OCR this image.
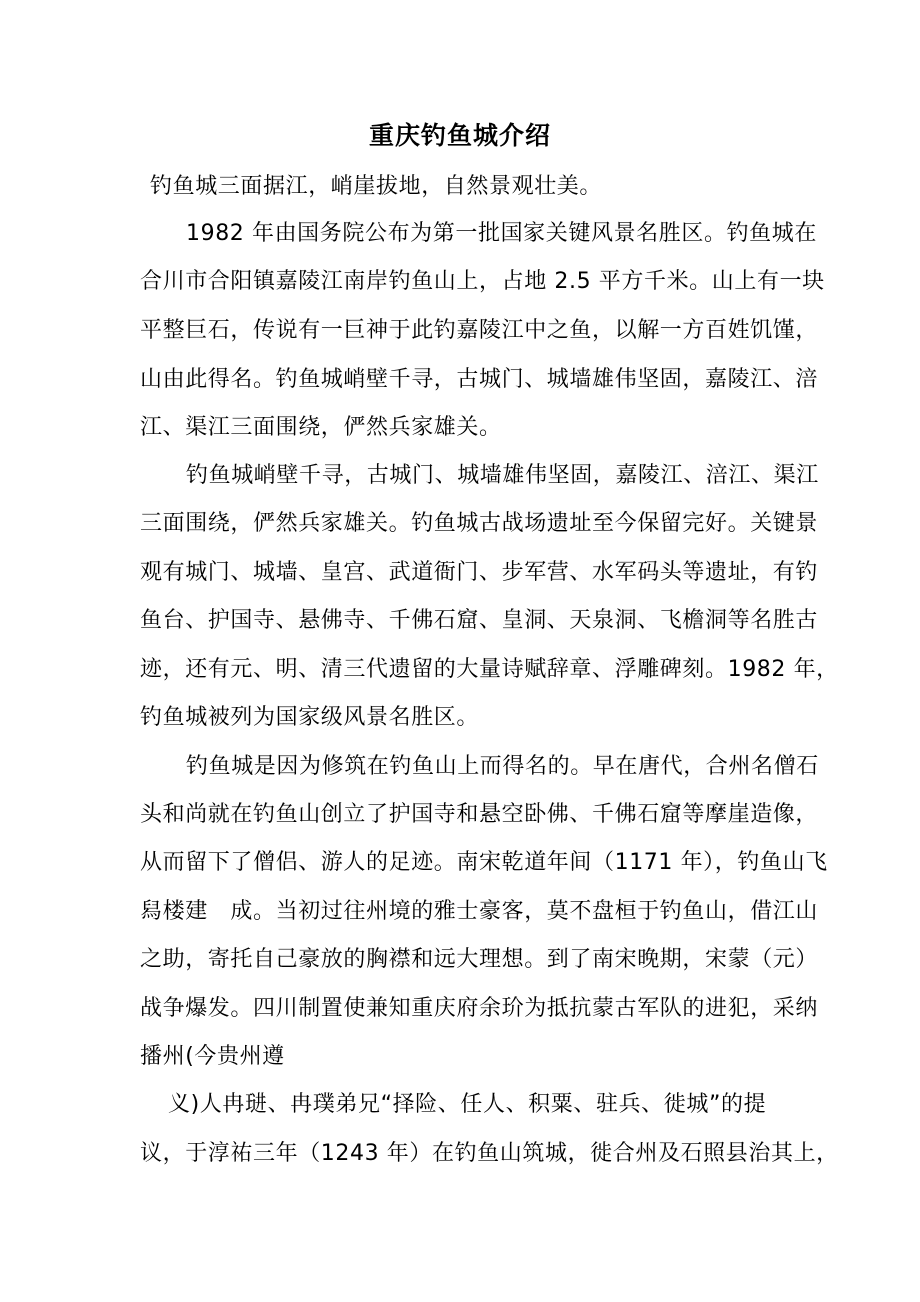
重庆钓鱼城介绍
钓鱼城三面据江，峭崖拔地，自然景观壮美。
1982 年由国务院公布为第一批国家关键风景名胜区。钓鱼城在
合川市合阳镇嘉陵江南岸钓鱼山上，占地 2.5 平方千米。山上有一块
平整巨石，传说有一巨神于此钓嘉陵江中之鱼，以解一方百姓饥馑，
山由此得名。钓鱼城峭壁千寻，古城门、城墙雄伟坚固，嘉陵江、涪
江、渠江三面围绕，俨然兵家雄关。
钓鱼城峭壁千寻，古城门、城墙雄伟坚固，嘉陵江、涪江、渠江
三面围绕，俨然兵家雄关。钓鱼城古战场遗址至今保留完好。关键景
观有城门、城墙、皇宫、武道衙门、步军营、水军码头等遗址，有钓
鱼台、护国寺、悬佛寺、千佛石窟、皇洞、天泉洞、飞檐洞等名胜古
迹，还有元、明、清三代遗留的大量诗赋辞章、浮雕碑刻。1982 年，
钓鱼城被列为国家级风景名胜区。
钓鱼城是因为修筑在钓鱼山上而得名的。早在唐代，合州名僧石
头和尚就在钓鱼山创立了护国寺和悬空卧佛、千佛石窟等摩崖造像，
从而留下了僧侣、游人的足迹。南宋乾道年间（1171 年），钓鱼山飞
舄楼建　成。当初过往州境的雅士豪客，莫不盘桓于钓鱼山，借江山
之助，寄托自己豪放的胸襟和远大理想。到了南宋晚期，宋蒙（元）
战争爆发。四川制置使兼知重庆府余玠为抵抗蒙古军队的进犯，采纳
播州(今贵州遵
义)人冉琎、冉璞弟兄“择险、任人、积粟、驻兵、徙城”的提
议，于淳祐三年（1243 年）在钓鱼山筑城，徙合州及石照县治其上，
